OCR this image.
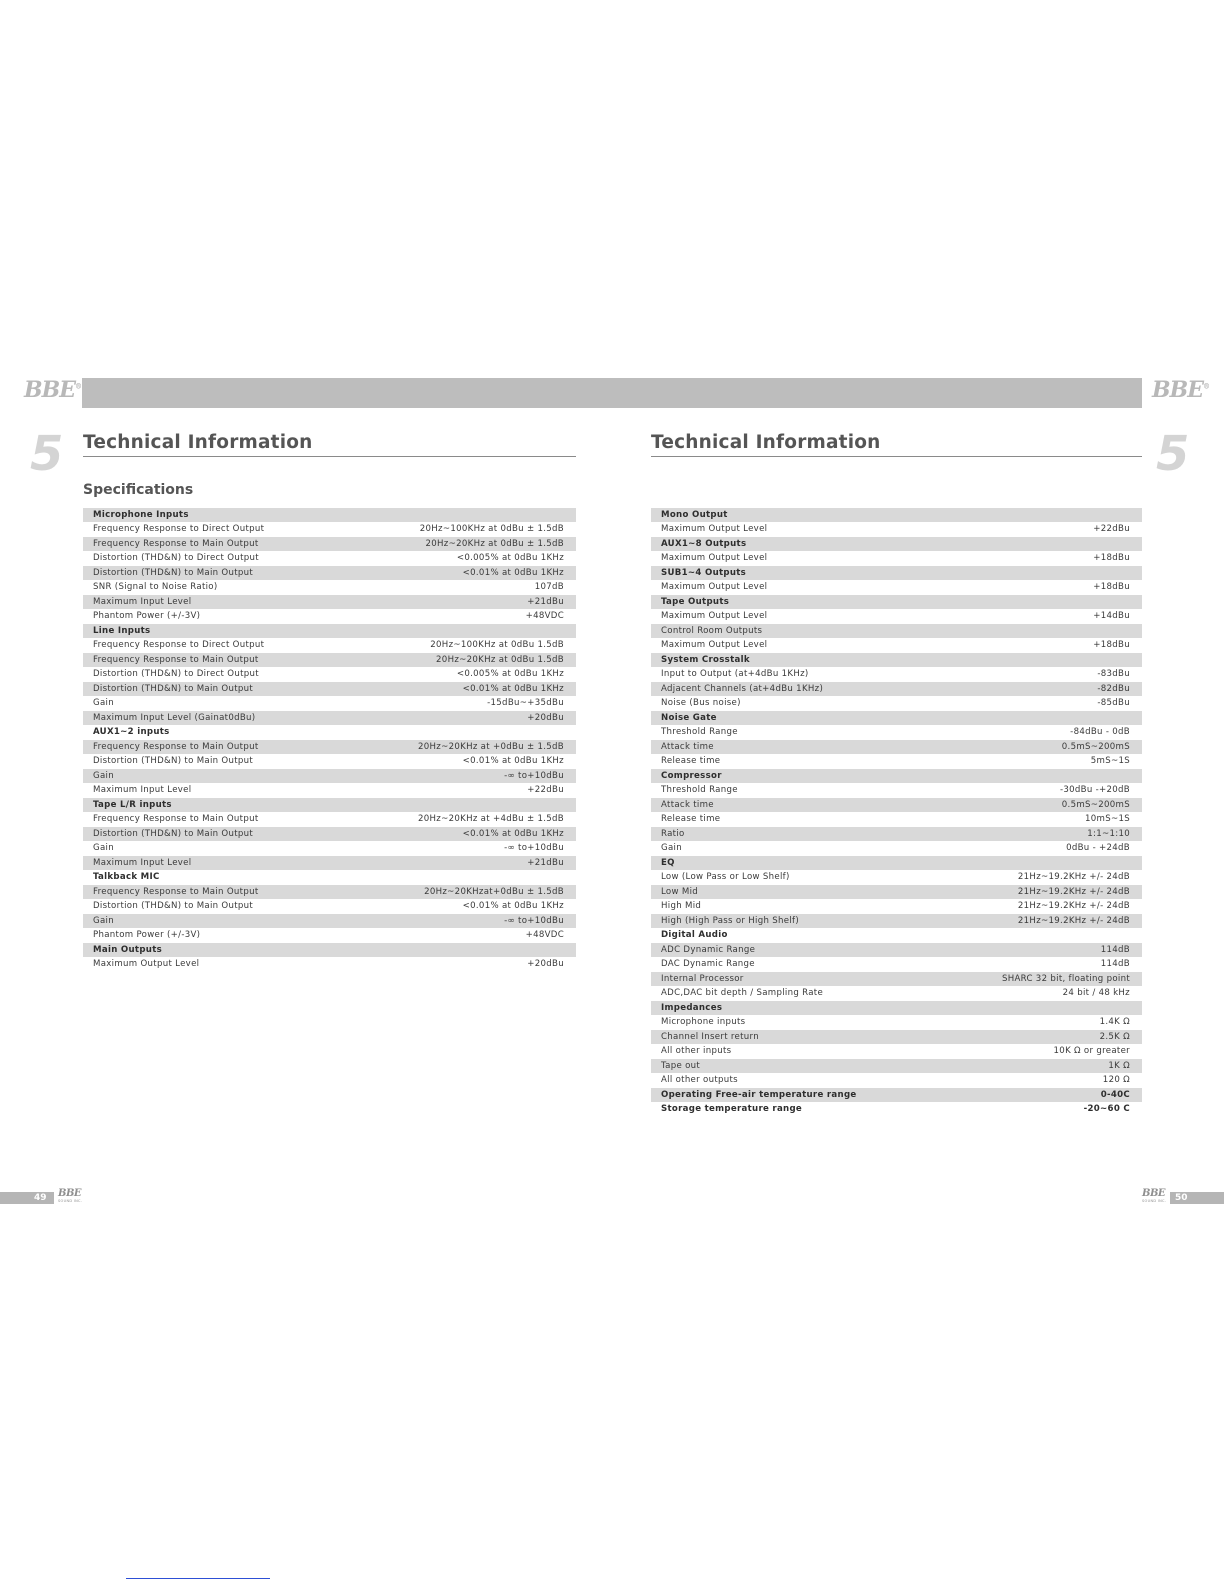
BBE®	BBE®
5	5
Technical Information
Specifications
Technical Information
Microphone Inputs
Frequency Response to Direct Output	20Hz~100KHz at 0dBu ± 1.5dB
Frequency Response to Main Output	20Hz~20KHz at 0dBu ± 1.5dB
Distortion (THD&N) to Direct Output	<0.005% at 0dBu 1KHz
Distortion (THD&N) to Main Output	<0.01% at 0dBu 1KHz
SNR (Signal to Noise Ratio)	107dB
Maximum Input Level	+21dBu
Phantom Power (+/-3V)	+48VDC
Line Inputs
Frequency Response to Direct Output	20Hz~100KHz at 0dBu 1.5dB
Frequency Response to Main Output	20Hz~20KHz at 0dBu 1.5dB
Distortion (THD&N) to Direct Output	<0.005% at 0dBu 1KHz
Distortion (THD&N) to Main Output	<0.01% at 0dBu 1KHz
Gain	-15dBu~+35dBu
Maximum Input Level (Gainat0dBu)	+20dBu
AUX1~2 inputs
Frequency Response to Main Output	20Hz~20KHz at +0dBu ± 1.5dB
Distortion (THD&N) to Main Output	<0.01% at 0dBu 1KHz
Gain	-∞ to+10dBu
Maximum Input Level	+22dBu
Tape L/R inputs
Frequency Response to Main Output	20Hz~20KHz at +4dBu ± 1.5dB
Distortion (THD&N) to Main Output	<0.01% at 0dBu 1KHz
Gain	-∞ to+10dBu
Maximum Input Level	+21dBu
Talkback MIC
Frequency Response to Main Output	20Hz~20KHzat+0dBu ± 1.5dB
Distortion (THD&N) to Main Output	<0.01% at 0dBu 1KHz
Gain	-∞ to+10dBu
Phantom Power (+/-3V)	+48VDC
Main Outputs
Maximum Output Level	+20dBu
Mono Output
Maximum Output Level	+22dBu
AUX1~8 Outputs
Maximum Output Level	+18dBu
SUB1~4 Outputs
Maximum Output Level	+18dBu
Tape Outputs
Maximum Output Level	+14dBu
Control Room Outputs
Maximum Output Level	+18dBu
System Crosstalk
Input to Output (at+4dBu 1KHz)	-83dBu
Adjacent Channels (at+4dBu 1KHz)	-82dBu
Noise (Bus noise)	-85dBu
Noise Gate
Threshold Range	-84dBu - 0dB
Attack time	0.5mS~200mS
Release time	5mS~1S
Compressor
Threshold Range	-30dBu -+20dB
Attack time	0.5mS~200mS
Release time	10mS~1S
Ratio	1:1~1:10
Gain	0dBu - +24dB
EQ
Low (Low Pass or Low Shelf)	21Hz~19.2KHz +/- 24dB
Low Mid	21Hz~19.2KHz +/- 24dB
High Mid	21Hz~19.2KHz +/- 24dB
High (High Pass or High Shelf)	21Hz~19.2KHz +/- 24dB
Digital Audio
ADC Dynamic Range	114dB
DAC Dynamic Range	114dB
Internal Processor	SHARC 32 bit, floating point
ADC,DAC bit depth / Sampling Rate	24 bit / 48 kHz
Impedances
Microphone inputs	1.4K Ω
Channel Insert return	2.5K Ω
All other inputs	10K Ω or greater
Tape out	1K Ω
All other outputs	120 Ω
Operating Free-air temperature range	0-40C
Storage temperature range	-20~60 C
49 BBE
SOUND INC.
BBE
SOUND INC. 50
